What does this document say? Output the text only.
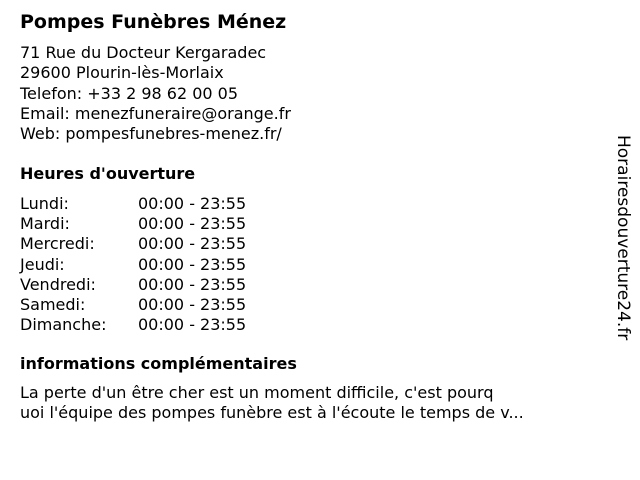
Pompes Funèbres Ménez
71 Rue du Docteur Kergaradec
29600 Plourin-lès-Morlaix
Telefon: +33 2 98 62 00 05
Email: menezfuneraire@orange.fr
Web: pompesfunebres-menez.fr/
Heures d'ouverture
Lundi:	00:00 - 23:55
Mardi:	00:00 - 23:55
Mercredi:	00:00 - 23:55
Jeudi:	00:00 - 23:55
Vendredi:	00:00 - 23:55
Samedi:	00:00 - 23:55
Dimanche:	00:00 - 23:55
informations complémentaires
La perte d'un être cher est un moment difficile, c'est pourq
uoi l'équipe des pompes funèbre est à l'écoute le temps de v...
Horairesdouverture24.fr
